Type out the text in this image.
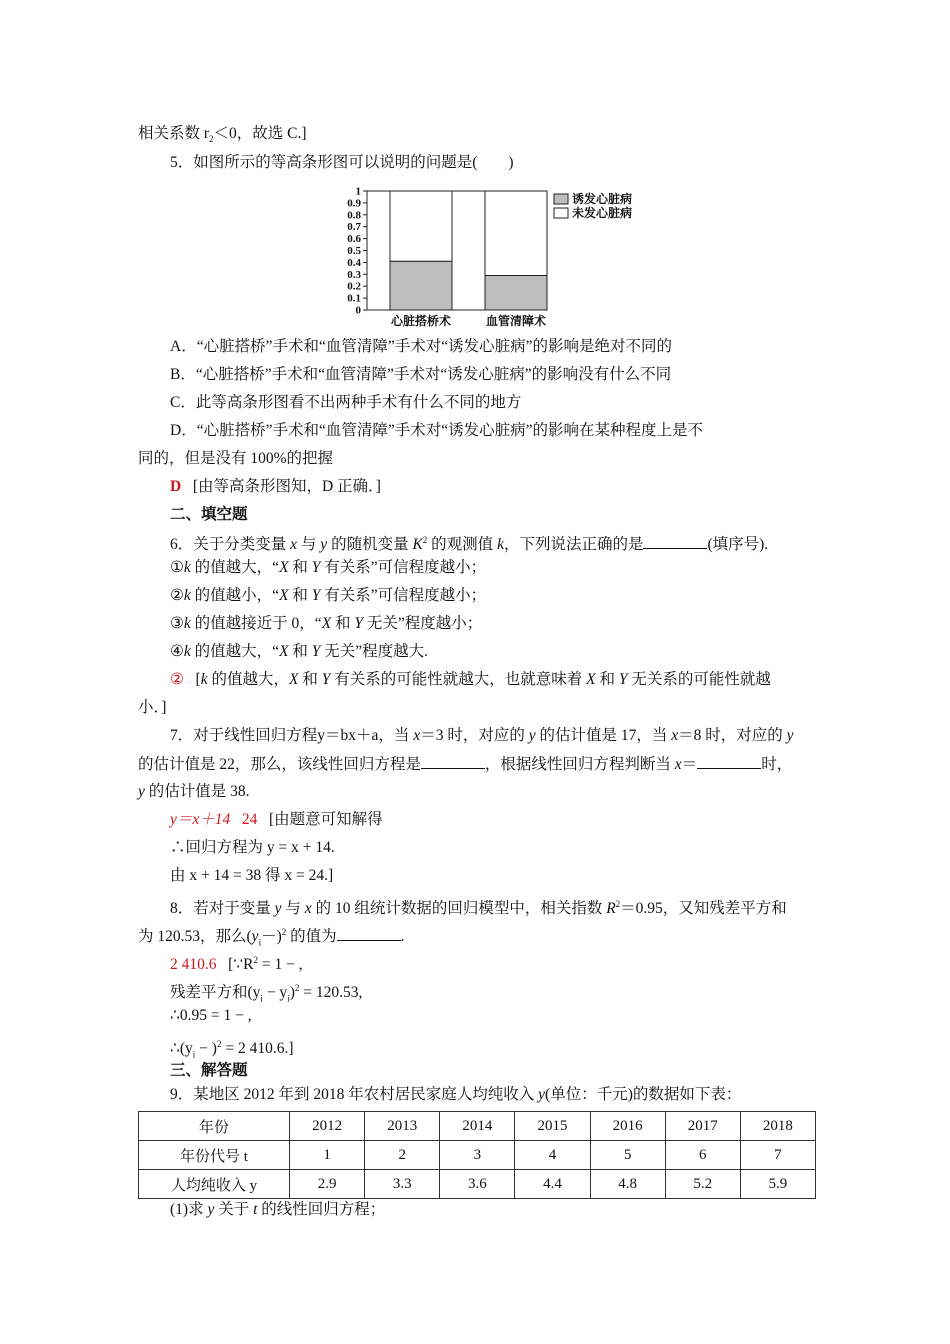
相关系数 $r_2<0$，故选 C.]
5．如图所示的等高条形图可以说明的问题是(　　)
0
0.1
0.2
0.3
0.4
0.5
0.6
0.7
0.8
0.9
1
心脏搭桥术	血管清障术
诱发心脏病
未发心脏病
A．“心脏搭桥”手术和“血管清障”手术对“诱发心脏病”的影响是绝对不同的
B．“心脏搭桥”手术和“血管清障”手术对“诱发心脏病”的影响没有什么不同
C．此等高条形图看不出两种手术有什么不同的地方
D．“心脏搭桥”手术和“血管清障”手术对“诱发心脏病”的影响在某种程度上是不
同的，但是没有 100%的把握
D [由等高条形图知，D 正确．]
二、填空题
6．关于分类变量 x 与 y 的随机变量 $K^2$ 的观测值 k，下列说法正确的是	(填序号).
①k 的值越大，“X 和 Y 有关系”可信程度越小；
②k 的值越小，“X 和 Y 有关系”可信程度越小；
③k 的值越接近于 0，“X 和 Y 无关”程度越小；
④k 的值越大，“X 和 Y 无关”程度越大.
② [k 的值越大，X 和 Y 有关系的可能性就越大，也就意味着 X 和 Y 无关系的可能性就越
小．]
7．对于线性回归方程y＝bx＋a，当 x＝3 时，对应的 y 的估计值是 17，当 x＝8 时，对应的 y
的估计值是 22，那么，该线性回归方程是	，根据线性回归方程判断当 x＝	时，
y 的估计值是 38.
y＝x＋14 24 [由题意可知解得
∴回归方程为 y = x + 14.
由 x + 14 = 38 得 x = 24.]
8．若对于变量 y 与 x 的 10 组统计数据的回归模型中，相关指数 $R^2=0.95$，又知残差平方和
为 120.53，那么$(y_i-)^2$ 的值为	.
2 410.6 [$\because R^2 = 1$ − ,
残差平方和$(y_i - y_i)^2 = 120.53$,
∴0.95 = 1 − ,
$\therefore(y_i - )^2 = 2$ 410.6.]
三、解答题
9．某地区 2012 年到 2018 年农村居民家庭人均纯收入 y(单位：千元)的数据如下表：
年份	2012	2013	2014	2015	2016	2017	2018
年份代号 t	1	2	3	4	5	6	7
人均纯收入 y	2.9	3.3	3.6	4.4	4.8	5.2	5.9
(1)求 y 关于 t 的线性回归方程；
